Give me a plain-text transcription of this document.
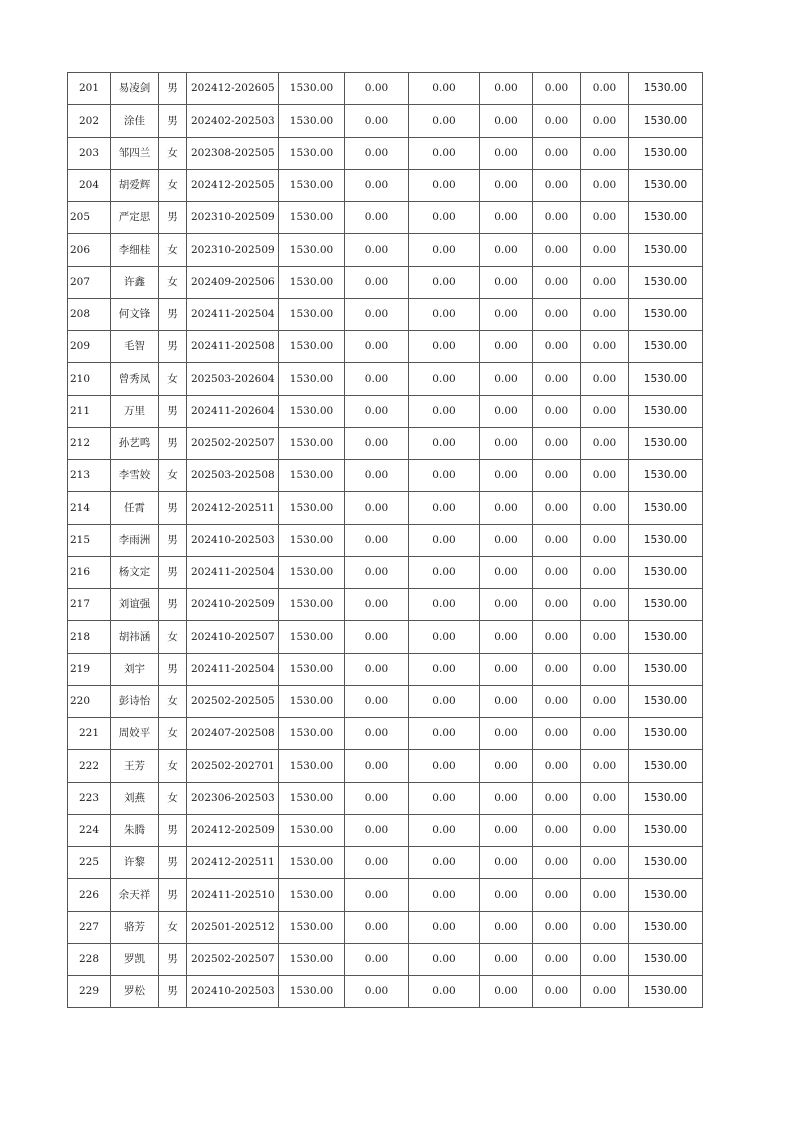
201	易凌剑	男	202412-202605	1530.00	0.00	0.00	0.00	0.00	0.00	1530.00
202	涂佳	男	202402-202503	1530.00	0.00	0.00	0.00	0.00	0.00	1530.00
203	邹四兰	女	202308-202505	1530.00	0.00	0.00	0.00	0.00	0.00	1530.00
204	胡爱辉	女	202412-202505	1530.00	0.00	0.00	0.00	0.00	0.00	1530.00
205	严定思	男	202310-202509	1530.00	0.00	0.00	0.00	0.00	0.00	1530.00
206	李细桂	女	202310-202509	1530.00	0.00	0.00	0.00	0.00	0.00	1530.00
207	许鑫	女	202409-202506	1530.00	0.00	0.00	0.00	0.00	0.00	1530.00
208	何文锋	男	202411-202504	1530.00	0.00	0.00	0.00	0.00	0.00	1530.00
209	毛智	男	202411-202508	1530.00	0.00	0.00	0.00	0.00	0.00	1530.00
210	曾秀凤	女	202503-202604	1530.00	0.00	0.00	0.00	0.00	0.00	1530.00
211	万里	男	202411-202604	1530.00	0.00	0.00	0.00	0.00	0.00	1530.00
212	孙艺鸣	男	202502-202507	1530.00	0.00	0.00	0.00	0.00	0.00	1530.00
213	李雪姣	女	202503-202508	1530.00	0.00	0.00	0.00	0.00	0.00	1530.00
214	任霄	男	202412-202511	1530.00	0.00	0.00	0.00	0.00	0.00	1530.00
215	李雨洲	男	202410-202503	1530.00	0.00	0.00	0.00	0.00	0.00	1530.00
216	杨文定	男	202411-202504	1530.00	0.00	0.00	0.00	0.00	0.00	1530.00
217	刘谊强	男	202410-202509	1530.00	0.00	0.00	0.00	0.00	0.00	1530.00
218	胡祎涵	女	202410-202507	1530.00	0.00	0.00	0.00	0.00	0.00	1530.00
219	刘宇	男	202411-202504	1530.00	0.00	0.00	0.00	0.00	0.00	1530.00
220	彭诗怡	女	202502-202505	1530.00	0.00	0.00	0.00	0.00	0.00	1530.00
221	周姣平	女	202407-202508	1530.00	0.00	0.00	0.00	0.00	0.00	1530.00
222	王芳	女	202502-202701	1530.00	0.00	0.00	0.00	0.00	0.00	1530.00
223	刘燕	女	202306-202503	1530.00	0.00	0.00	0.00	0.00	0.00	1530.00
224	朱腾	男	202412-202509	1530.00	0.00	0.00	0.00	0.00	0.00	1530.00
225	许黎	男	202412-202511	1530.00	0.00	0.00	0.00	0.00	0.00	1530.00
226	余天祥	男	202411-202510	1530.00	0.00	0.00	0.00	0.00	0.00	1530.00
227	骆芳	女	202501-202512	1530.00	0.00	0.00	0.00	0.00	0.00	1530.00
228	罗凯	男	202502-202507	1530.00	0.00	0.00	0.00	0.00	0.00	1530.00
229	罗松	男	202410-202503	1530.00	0.00	0.00	0.00	0.00	0.00	1530.00
